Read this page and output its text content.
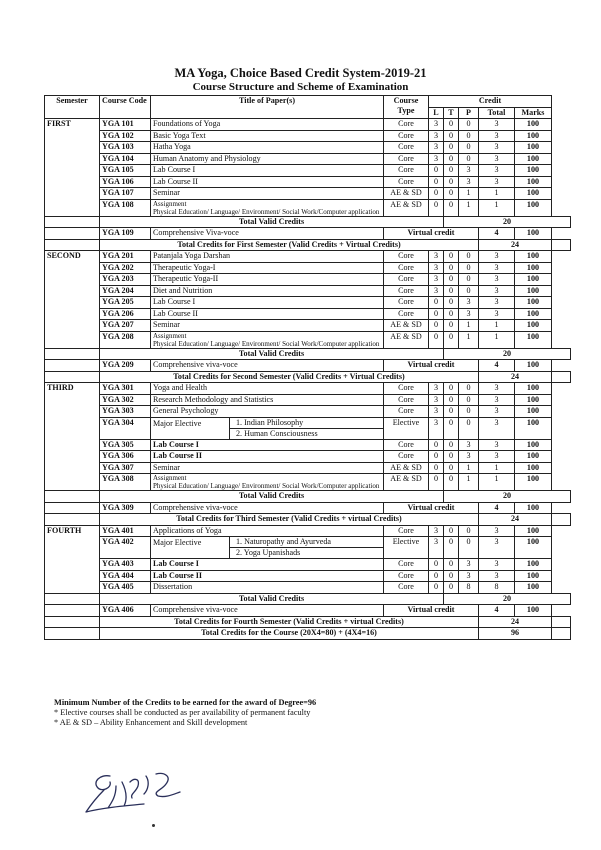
MA Yoga, Choice Based Credit System-2019-21
Course Structure and Scheme of Examination
Semester	Course Code	Title of Paper(s)	Course Type	Credit					
				L	T	P	Total	Marks	
FIRST	YGA 101	Foundations of Yoga	Core	3	0	0	3	100	
	YGA 102	Basic Yoga Text	Core	3	0	0	3	100	
	YGA 103	Hatha Yoga	Core	3	0	0	3	100	
	YGA 104	Human Anatomy and Physiology	Core	3	0	0	3	100	
	YGA 105	Lab Course I	Core	0	0	3	3	100	
	YGA 106	Lab Course II	Core	0	0	3	3	100	
	YGA 107	Seminar	AE & SD	0	0	1	1	100	
	YGA 108	Assignment
Physical Education/ Language/ Environment/ Social Work/Computer application	AE & SD	0	0	1	1	100	
	Total Valid Credits				20				
	YGA 109	Comprehensive Viva-voce	Virtual credit				4	100	
	Total Credits for First Semester (Valid Credits + Virtual Credits)						24		
SECOND	YGA 201	Patanjala Yoga Darshan	Core	3	0	0	3	100	
	YGA 202	Therapeutic Yoga-I	Core	3	0	0	3	100	
	YGA 203	Therapeutic Yoga-II	Core	3	0	0	3	100	
	YGA 204	Diet and Nutrition	Core	3	0	0	3	100	
	YGA 205	Lab Course I	Core	0	0	3	3	100	
	YGA 206	Lab Course II	Core	0	0	3	3	100	
	YGA 207	Seminar	AE & SD	0	0	1	1	100	
	YGA 208	Assignment
Physical Education/ Language/ Environment/ Social Work/Computer application	AE & SD	0	0	1	1	100	
	Total Valid Credits				20				
	YGA 209	Comprehensive viva-voce	Virtual credit				4	100	
	Total Credits for Second Semester (Valid Credits + Virtual Credits)						24		
THIRD	YGA 301	Yoga and Health	Core	3	0	0	3	100	
	YGA 302	Research Methodology and Statistics	Core	3	0	0	3	100	
	YGA 303	General Psychology	Core	3	0	0	3	100	
	YGA 304	Major Elective 1. Indian Philosophy
2. Human Consciousness	Elective	3	0	0	3	100	
	YGA 305	Lab Course I	Core	0	0	3	3	100	
	YGA 306	Lab Course II	Core	0	0	3	3	100	
	YGA 307	Seminar	AE & SD	0	0	1	1	100	
	YGA 308	Assignment
Physical Education/ Language/ Environment/ Social Work/Computer application	AE & SD	0	0	1	1	100	
	Total Valid Credits				20				
	YGA 309	Comprehensive viva-voce	Virtual credit				4	100	
	Total Credits for Third Semester (Valid Credits + virtual Credits)						24		
FOURTH	YGA 401	Applications of Yoga	Core	3	0	0	3	100	
	YGA 402	Major Elective 1. Naturopathy and Ayurveda
2. Yoga Upanishads	Elective	3	0	0	3	100	
	YGA 403	Lab Course I	Core	0	0	3	3	100	
	YGA 404	Lab Course II	Core	0	0	3	3	100	
	YGA 405	Dissertation	Core	0	0	8	8	100	
	Total Valid Credits				20				
	YGA 406	Comprehensive viva-voce	Virtual credit				4	100	
	Total Credits for Fourth Semester (Valid Credits + virtual Credits)						24		
	Total Credits for the Course (20X4=80) + (4X4=16)						96		
Minimum Number of the Credits to be earned for the award of Degree=96
* Elective courses shall be conducted as per availability of permanent faculty
* AE & SD – Ability Enhancement and Skill development
